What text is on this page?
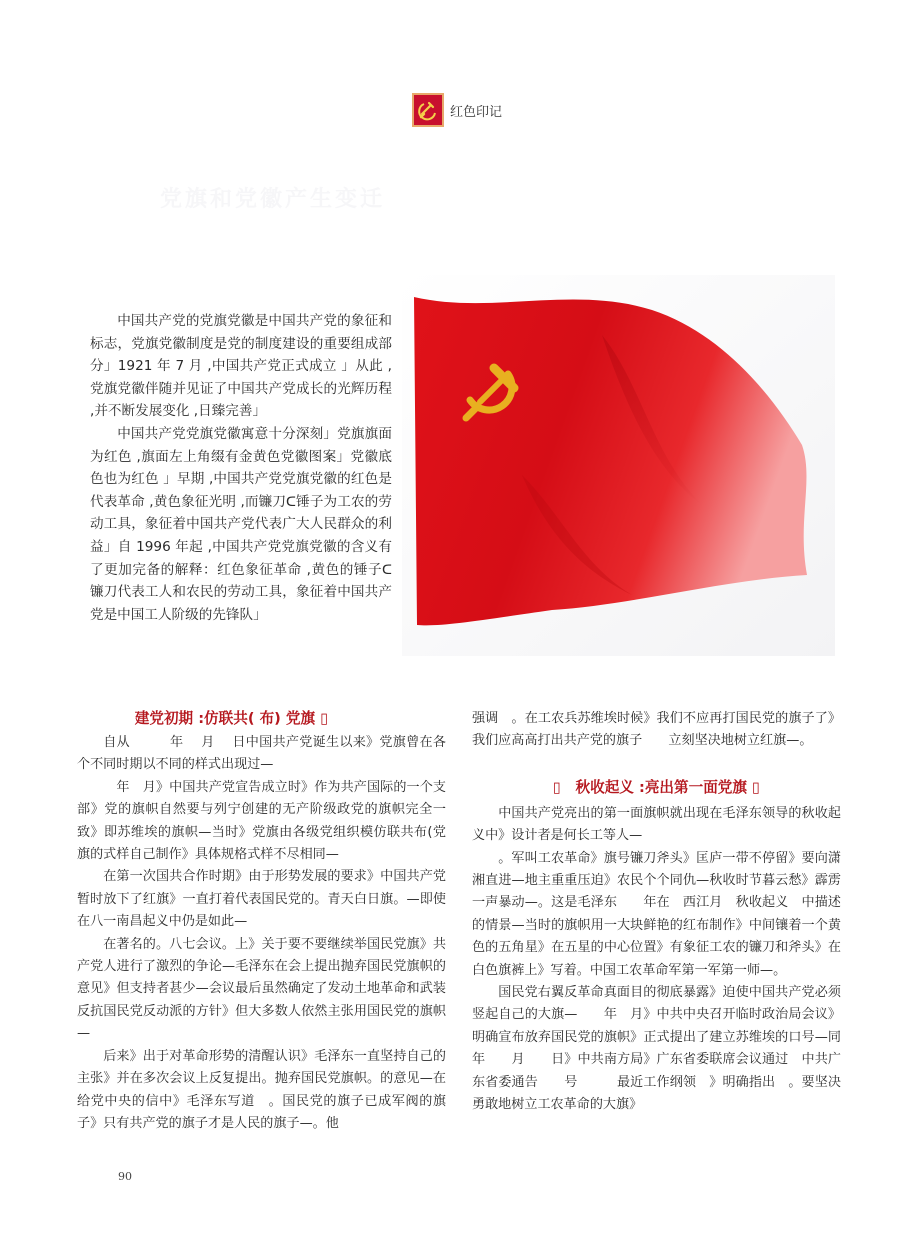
红色印记
党旗和党徽产生变迁

中国共产党的党旗党徽是中国共产党的象征和标志，党旗党徽制度是党的制度建设的重要组成部分」1921 年 7 月 ,中国共产党正式成立 」从此 ,党旗党徽伴随并见证了中国共产党成长的光辉历程 ,并不断发展变化 ,日臻完善」

中国共产党党旗党徽寓意十分深刻」党旗旗面为红色 ,旗面左上角缀有金黄色党徽图案」党徽底色也为红色 」早期 ,中国共产党党旗党徽的红色是代表革命 ,黄色象征光明 ,而镰刀ᑕ锤子为工农的劳动工具，象征着中国共产党代表广大人民群众的利益」自 1996 年起 ,中国共产党党旗党徽的含义有了更加完备的解释：红色象征革命 ,黄色的锤子ᑕ镰刀代表工人和农民的劳动工具，象征着中国共产党是中国工人阶级的先锋队」

建党初期 :仿联共( 布) 党旗 ▯

自从　　　年　 月　 日中国共产党诞生以来》党旗曾在各个不同时期以不同的样式出现过—

　年　月》中国共产党宣告成立时》作为共产国际的一个支部》党的旗帜自然要与列宁创建的无产阶级政党的旗帜完全一致》即苏维埃的旗帜—当时》党旗由各级党组织模仿联共布(党旗的式样自己制作》具体规格式样不尽相同—

在第一次国共合作时期》由于形势发展的要求》中国共产党暂时放下了红旗》一直打着代表国民党的。青天白日旗。—即使在八一南昌起义中仍是如此—

在著名的。八七会议。上》关于要不要继续举国民党旗》共产党人进行了激烈的争论—毛泽东在会上提出抛弃国民党旗帜的意见》但支持者甚少—会议最后虽然确定了发动土地革命和武装反抗国民党反动派的方针》但大多数人依然主张用国民党的旗帜—

后来》出于对革命形势的清醒认识》毛泽东一直坚持自己的主张》并在多次会议上反复提出。抛弃国民党旗帜。的意见—在给党中央的信中》毛泽东写道　。国民党的旗子已成军阀的旗子》只有共产党的旗子才是人民的旗子—。他

强调　。在工农兵苏维埃时候》我们不应再打国民党的旗子了》我们应高高打出共产党的旗子　　立刻坚决地树立红旗—。

▯　秋收起义 :亮出第一面党旗 ▯

中国共产党亮出的第一面旗帜就出现在毛泽东领导的秋收起义中》设计者是何长工等人—

。军叫工农革命》旗号镰刀斧头》匡庐一带不停留》要向潇湘直进—地主重重压迫》农民个个同仇—秋收时节暮云愁》霹雳一声暴动—。这是毛泽东　　年在　西江月　秋收起义　中描述的情景—当时的旗帜用一大块鲜艳的红布制作》中间镶着一个黄色的五角星》在五星的中心位置》有象征工农的镰刀和斧头》在白色旗裤上》写着。中国工农革命军第一军第一师—。

国民党右翼反革命真面目的彻底暴露》迫使中国共产党必须竖起自己的大旗—　　年　月》中共中央召开临时政治局会议》明确宣布放弃国民党的旗帜》正式提出了建立苏维埃的口号—同年　　月　　日》中共南方局》广东省委联席会议通过　中共广东省委通告　　号　　　最近工作纲领　》明确指出　。要坚决勇敢地树立工农革命的大旗》

90
